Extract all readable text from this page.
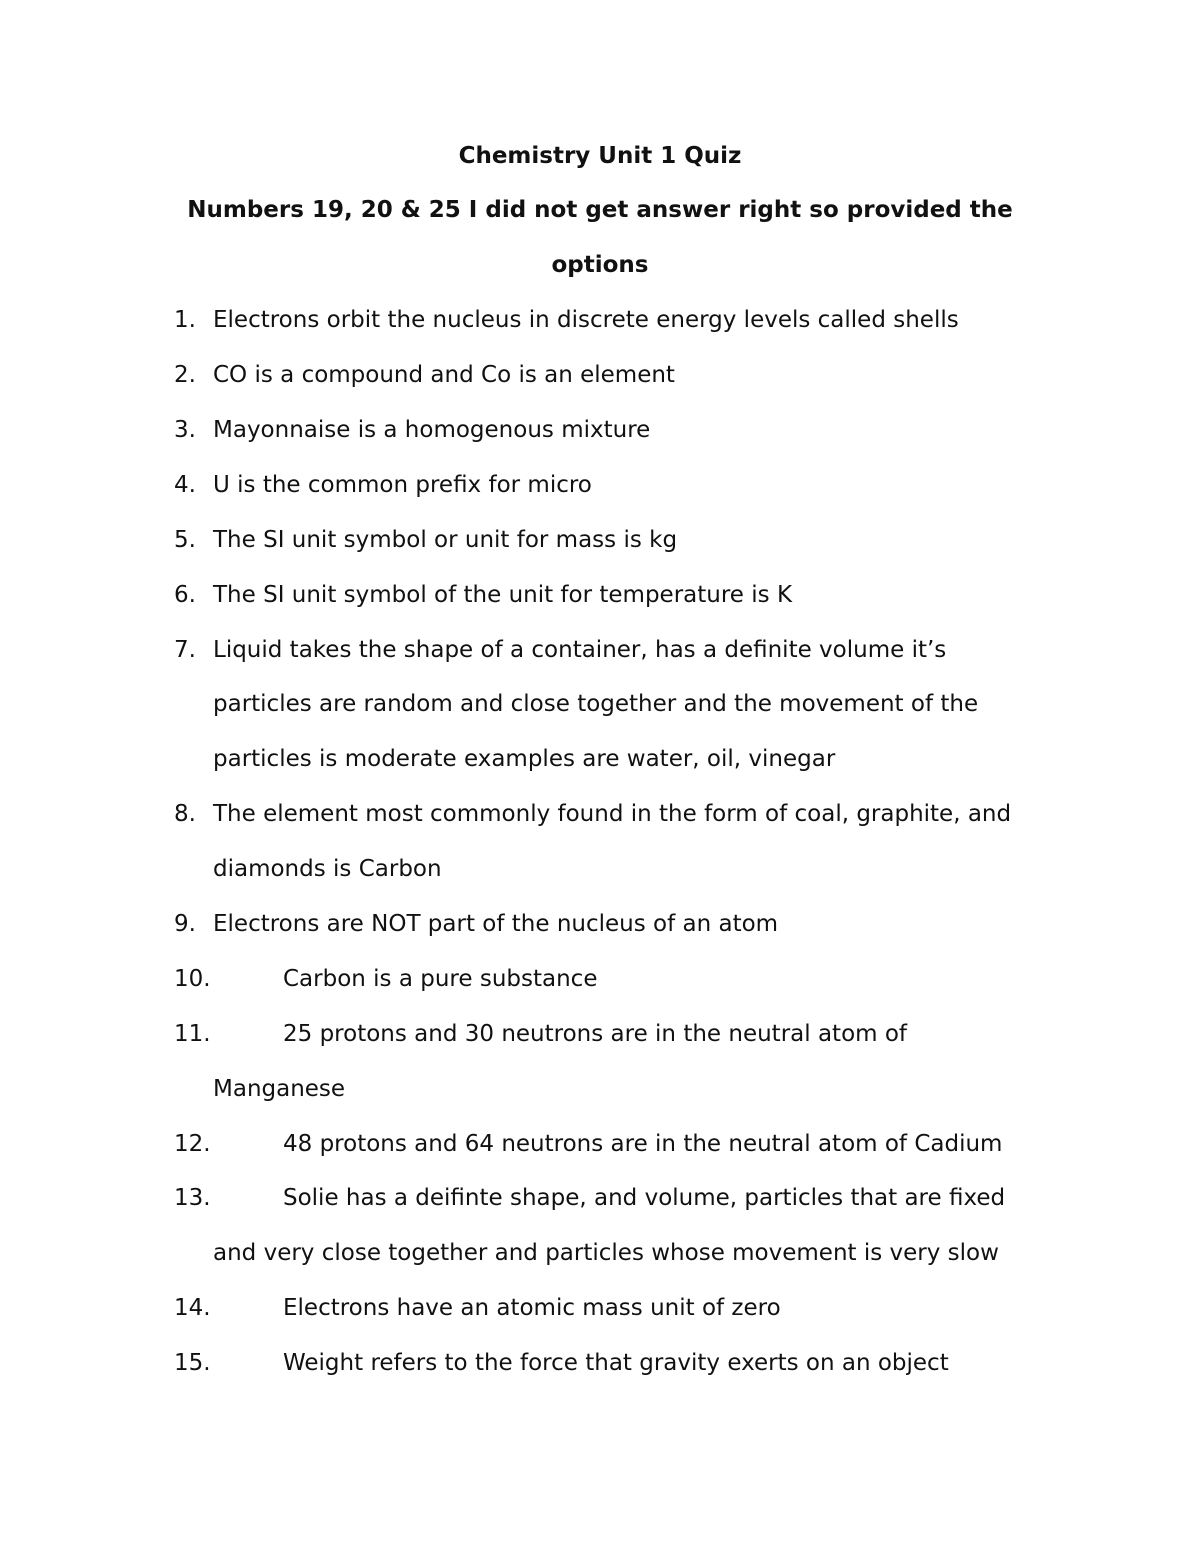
Chemistry Unit 1 Quiz
Numbers 19, 20 & 25 I did not get answer right so provided the
options
1. Electrons orbit the nucleus in discrete energy levels called shells
2. CO is a compound and Co is an element
3. Mayonnaise is a homogenous mixture
4. U is the common prefix for micro
5. The SI unit symbol or unit for mass is kg
6. The SI unit symbol of the unit for temperature is K
7. Liquid takes the shape of a container, has a definite volume it’s
particles are random and close together and the movement of the
particles is moderate examples are water, oil, vinegar
8. The element most commonly found in the form of coal, graphite, and
diamonds is Carbon
9. Electrons are NOT part of the nucleus of an atom
10.	Carbon is a pure substance
11.	25 protons and 30 neutrons are in the neutral atom of
Manganese
12.	48 protons and 64 neutrons are in the neutral atom of Cadium
13.	Solie has a deifinte shape, and volume, particles that are fixed
and very close together and particles whose movement is very slow
14.	Electrons have an atomic mass unit of zero
15.	Weight refers to the force that gravity exerts on an object
